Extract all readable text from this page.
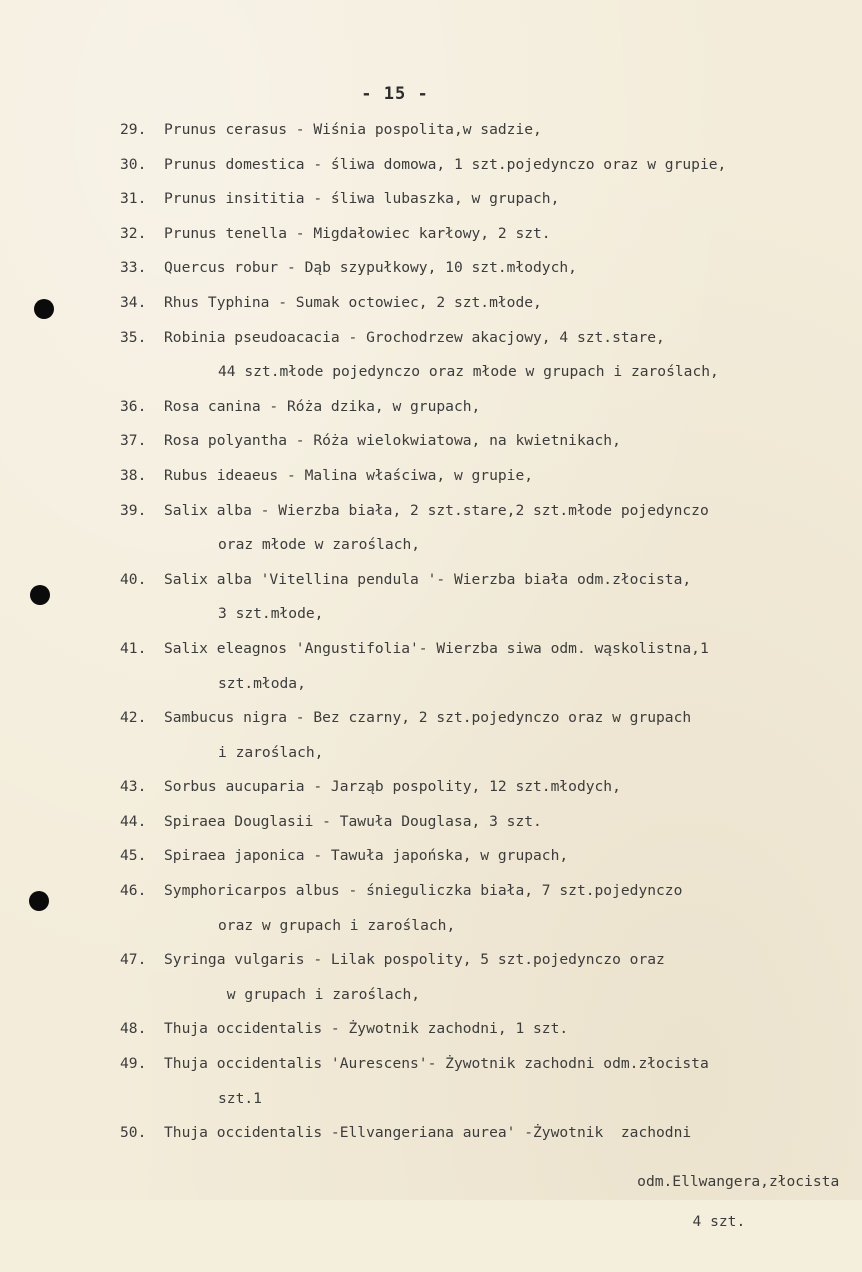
- 15 -
29. Prunus cerasus - Wiśnia pospolita,w sadzie,
30. Prunus domestica - śliwa domowa, 1 szt.pojedynczo oraz w grupie,
31. Prunus insititia - śliwa lubaszka, w grupach,
32. Prunus tenella - Migdałowiec karłowy, 2 szt.
33. Quercus robur - Dąb szypułkowy, 10 szt.młodych,
34. Rhus Typhina - Sumak octowiec, 2 szt.młode,
35. Robinia pseudoacacia - Grochodrzew akacjowy, 4 szt.stare,
44 szt.młode pojedynczo oraz młode w grupach i zaroślach,
36. Rosa canina - Róża dzika, w grupach,
37. Rosa polyantha - Róża wielokwiatowa, na kwietnikach,
38. Rubus ideaeus - Malina właściwa, w grupie,
39. Salix alba - Wierzba biała, 2 szt.stare,2 szt.młode pojedynczo
oraz młode w zaroślach,
40. Salix alba 'Vitellina pendula '- Wierzba biała odm.złocista,
3 szt.młode,
41. Salix eleagnos 'Angustifolia'- Wierzba siwa odm. wąskolistna,1
szt.młoda,
42. Sambucus nigra - Bez czarny, 2 szt.pojedynczo oraz w grupach
i zaroślach,
43. Sorbus aucuparia - Jarząb pospolity, 12 szt.młodych,
44. Spiraea Douglasii - Tawuła Douglasa, 3 szt.
45. Spiraea japonica - Tawuła japońska, w grupach,
46. Symphoricarpos albus - śnieguliczka biała, 7 szt.pojedynczo
oraz w grupach i zaroślach,
47. Syringa vulgaris - Lilak pospolity, 5 szt.pojedynczo oraz
w grupach i zaroślach,
48. Thuja occidentalis - Żywotnik zachodni, 1 szt.
49. Thuja occidentalis 'Aurescens'- Żywotnik zachodni odm.złocista
szt.1
50. Thuja occidentalis -Ellvangeriana aurea' -Żywotnik  zachodni

odm.Ellwangera,złocista

4 szt.
